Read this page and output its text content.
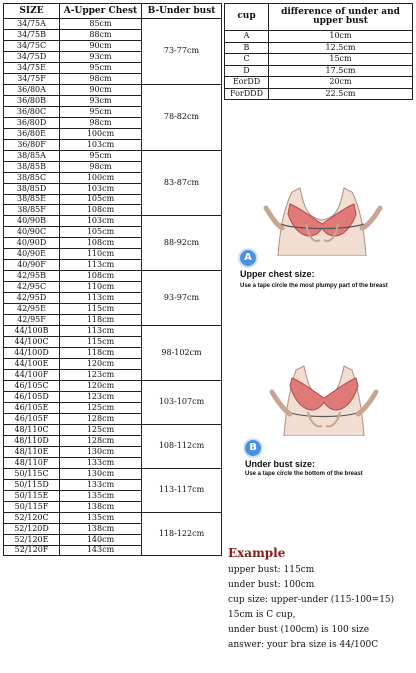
SIZE	A-Upper Chest	B-Under bust
34/75A	85cm	73-77cm
34/75B	88cm	
34/75C	90cm	
34/75D	93cm	
34/75E	95cm	
34/75F	98cm	
36/80A	90cm	78-82cm
36/80B	93cm	
36/80C	95cm	
36/80D	98cm	
36/80E	100cm	
36/80F	103cm	
38/85A	95cm	83-87cm
38/85B	98cm	
38/85C	100cm	
38/85D	103cm	
38/85E	105cm	
38/85F	108cm	
40/90B	103cm	88-92cm
40/90C	105cm	
40/90D	108cm	
40/90E	110cm	
40/90F	113cm	
42/95B	108cm	93-97cm
42/95C	110cm	
42/95D	113cm	
42/95E	115cm	
42/95F	118cm	
44/100B	113cm	98-102cm
44/100C	115cm	
44/100D	118cm	
44/100E	120cm	
44/100F	123cm	
46/105C	120cm	103-107cm
46/105D	123cm	
46/105E	125cm	
46/105F	128cm	
48/110C	125cm	108-112cm
48/110D	128cm	
48/110E	130cm	
48/110F	133cm	
50/115C	130cm	113-117cm
50/115D	133cm	
50/115E	135cm	
50/115F	138cm	
52/120C	135cm	118-122cm
52/120D	138cm	
52/120E	140cm	
52/120F	143cm	
cup	difference of under and upper bust
A	10cm
B	12.5cm
C	15cm
D	17.5cm
EorDD	20cm
ForDDD	22.5cm
A
Upper chest size:
Use a tape circle the most plumpy part of the breast
B
Under bust size:
Use a tape circle the bottom of the breast
Example
upper bust: 115cm
under bust: 100cm
cup size: upper-under (115-100=15)
15cm is C cup,
under bust (100cm) is 100 size
answer: your bra size is 44/100C
